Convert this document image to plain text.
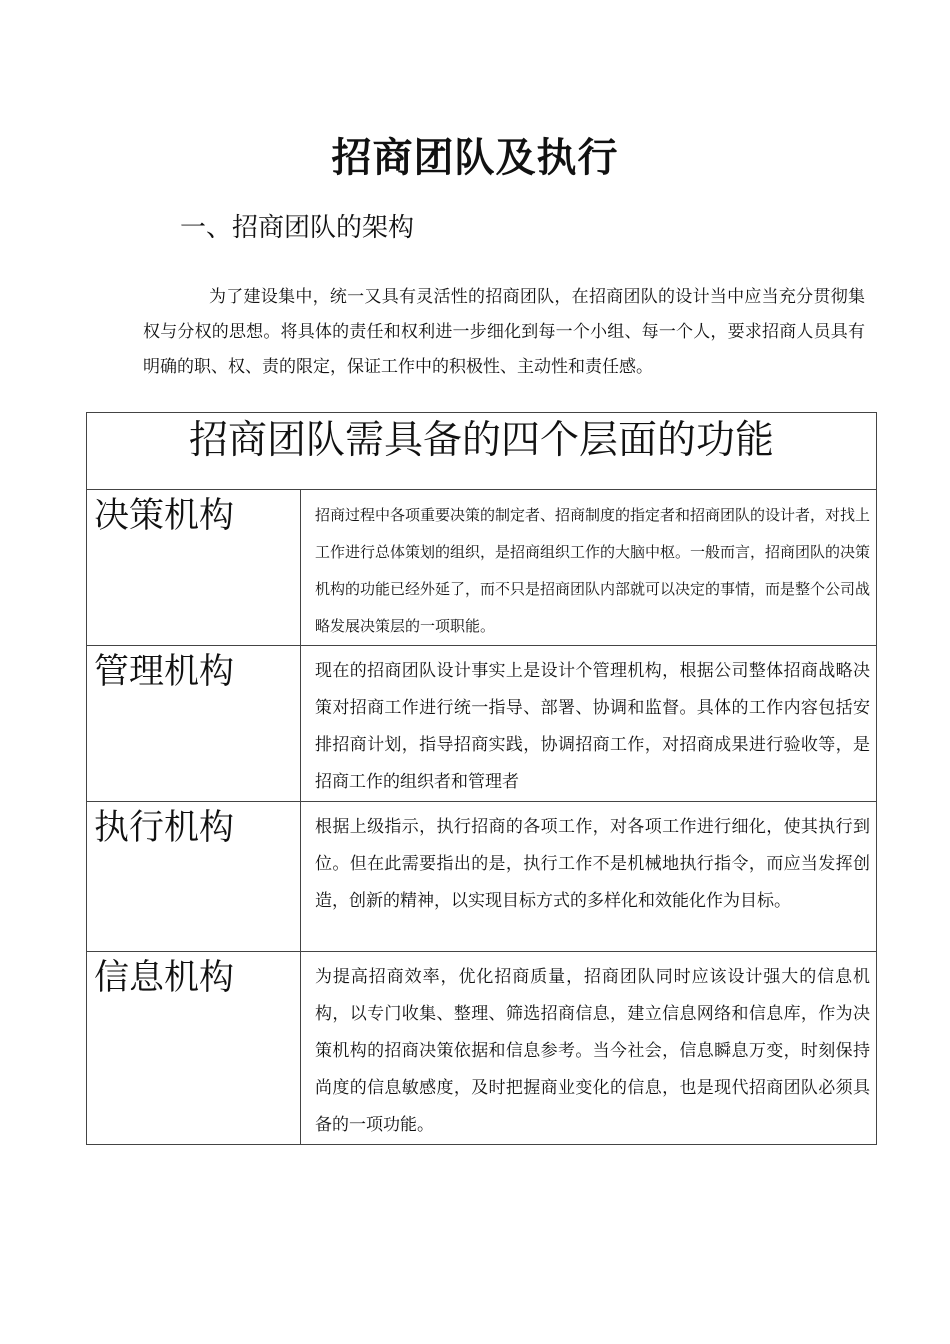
招商团队及执行
一、招商团队的架构

为了建设集中，统一又具有灵活性的招商团队，在招商团队的设计当中应当充分贯彻集权与分权的思想。将具体的责任和权利进一步细化到每一个小组、每一个人，要求招商人员具有明确的职、权、责的限定，保证工作中的积极性、主动性和责任感。

招商团队需具备的四个层面的功能	
决策机构	招商过程中各项重要决策的制定者、招商制度的指定者和招商团队的设计者，对找上工作进行总体策划的组织，是招商组织工作的大脑中枢。一般而言，招商团队的决策机构的功能已经外延了，而不只是招商团队内部就可以决定的事情，而是整个公司战略发展决策层的一项职能。
管理机构	现在的招商团队设计事实上是设计个管理机构，根据公司整体招商战略决策对招商工作进行统一指导、部署、协调和监督。具体的工作内容包括安排招商计划，指导招商实践，协调招商工作，对招商成果进行验收等，是招商工作的组织者和管理者
执行机构	根据上级指示，执行招商的各项工作，对各项工作进行细化，使其执行到位。但在此需要指出的是，执行工作不是机械地执行指令，而应当发挥创造，创新的精神，以实现目标方式的多样化和效能化作为目标。
信息机构	为提高招商效率，优化招商质量，招商团队同时应该设计强大的信息机构，以专门收集、整理、筛选招商信息，建立信息网络和信息库，作为决策机构的招商决策依据和信息参考。当今社会，信息瞬息万变，时刻保持尚度的信息敏感度，及时把握商业变化的信息，也是现代招商团队必须具备的一项功能。
